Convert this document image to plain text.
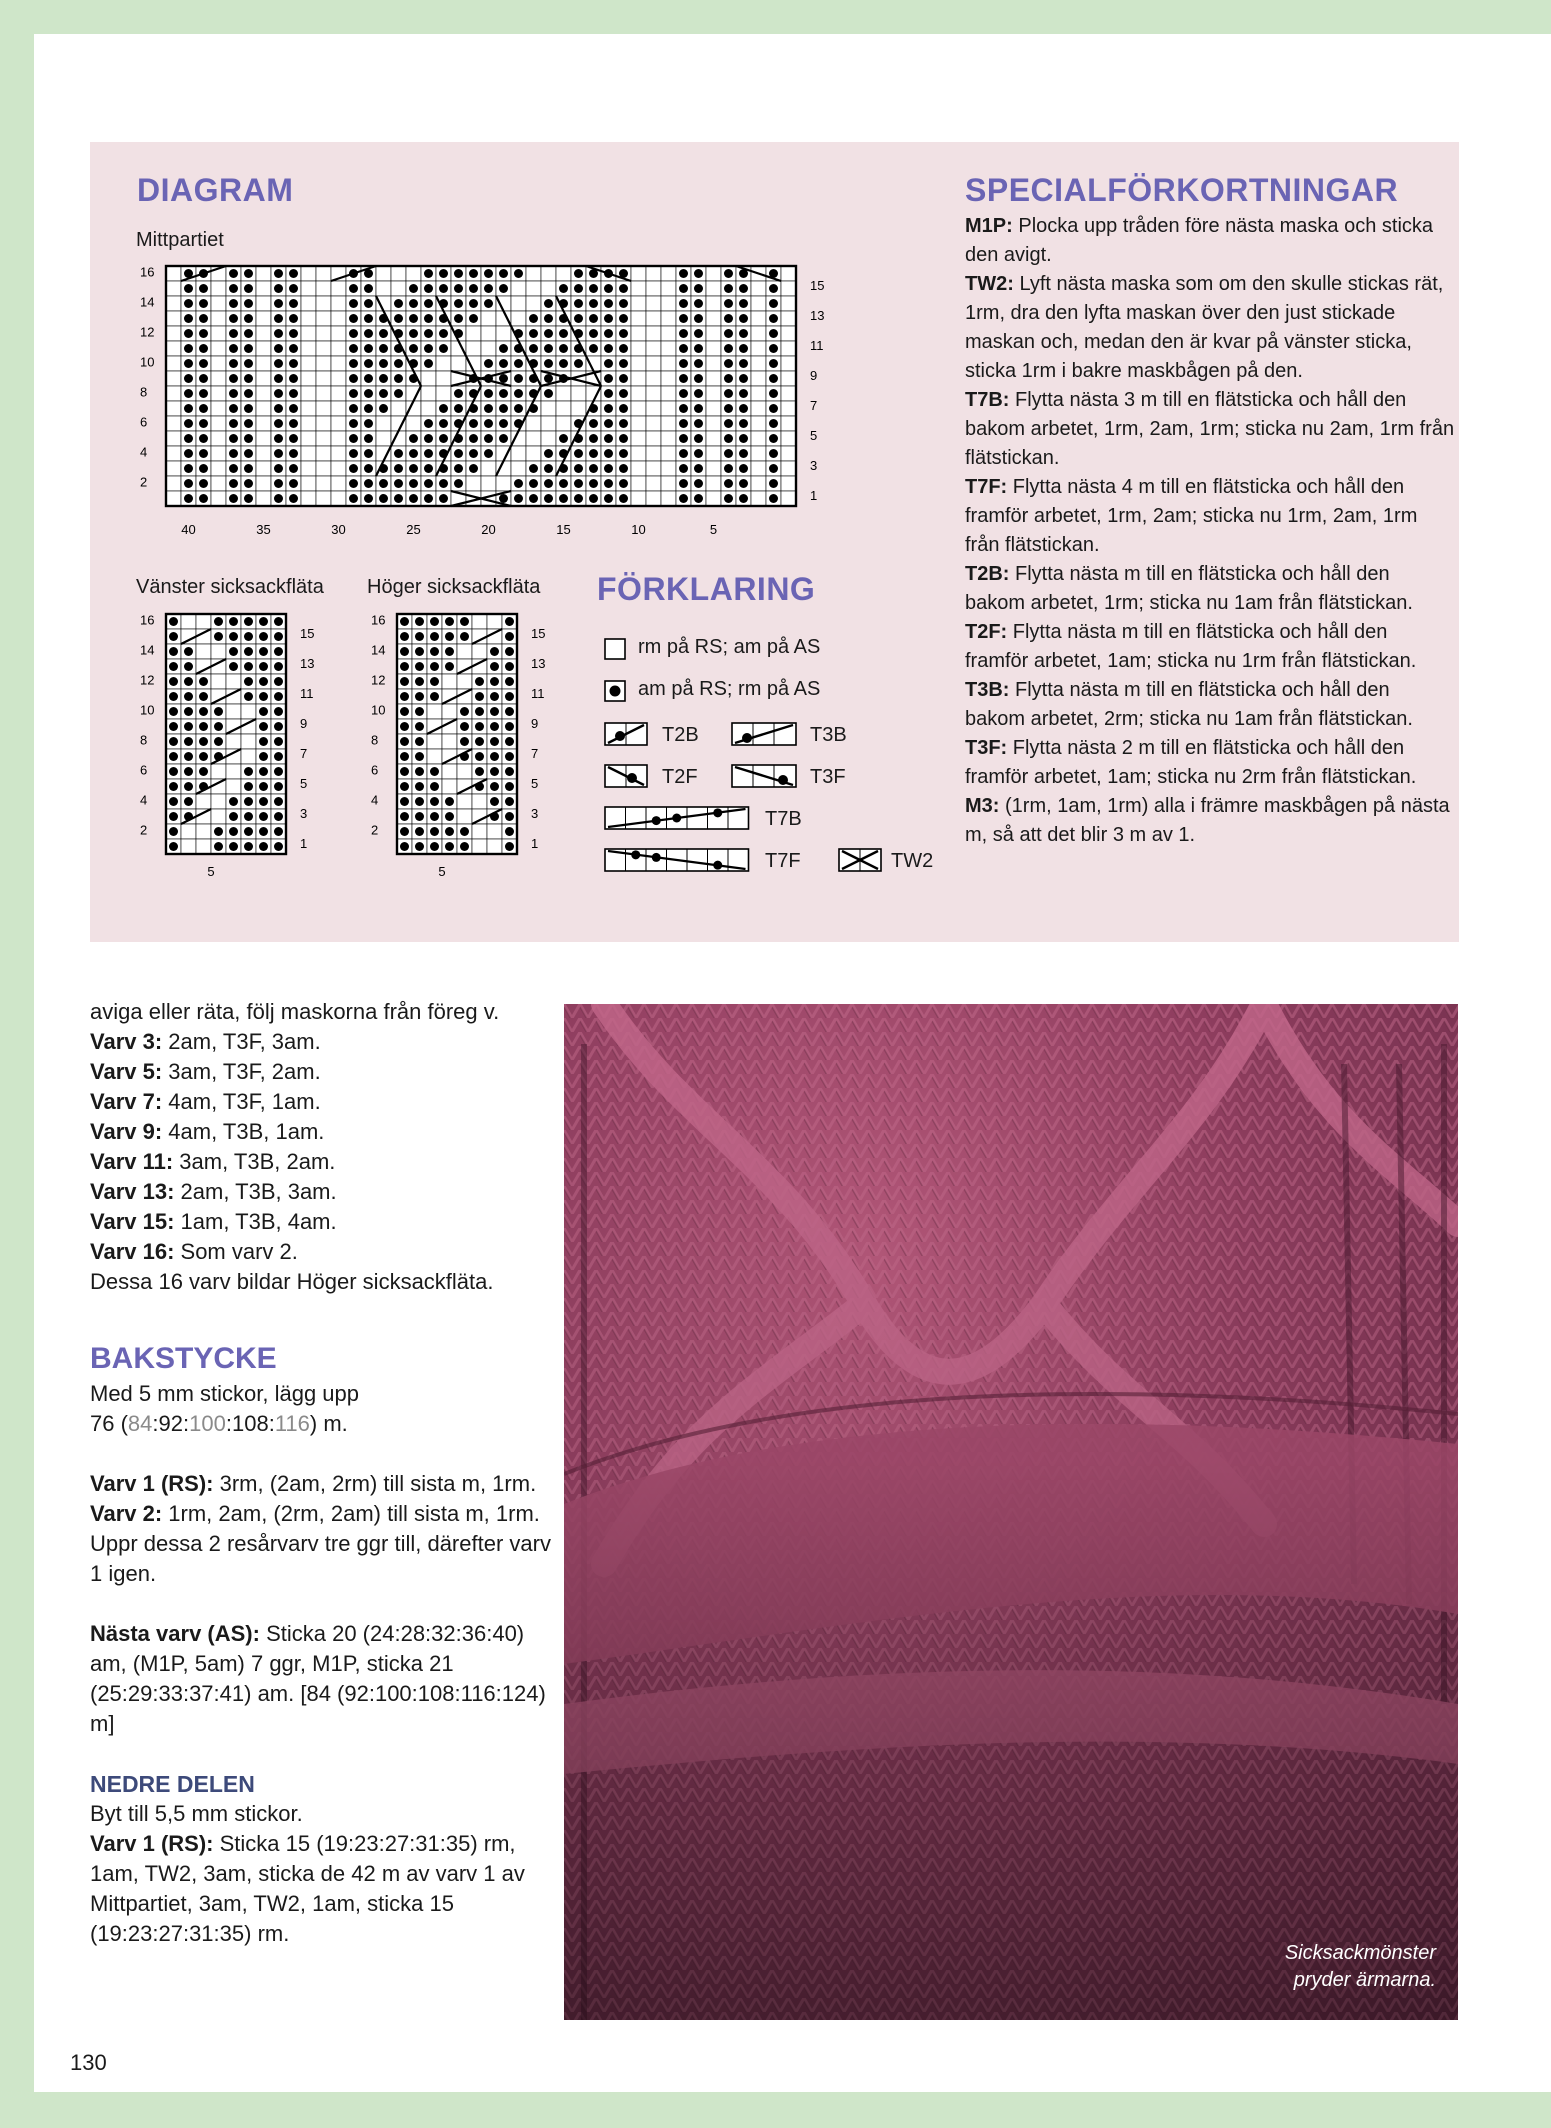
DIAGRAM
Mittpartiet
16
14
12
10
8
6
4
2
15
13
11
9
7
5
3
1
40	35	30	25	20	15	10	5
Vänster sicksackfläta Höger sicksackfläta
16
14
12
10
8
6
4
2
15
13
11
9
7
5
3
1
5
16
14
12
10
8
6
4
2
15
13
11
9
7
5
3
1
5
FÖRKLARING
rm på RS; am på AS
am på RS; rm på AS
T2B	T3B
T2F	T3F
T7B
T7F	TW2
SPECIALFÖRKORTNINGAR

M1P: Plocka upp tråden före nästa maska och sticka den avigt.

TW2: Lyft nästa maska som om den skulle stickas rät, 1rm, dra den lyfta maskan över den just stickade maskan och, medan den är kvar på vänster sticka, sticka 1rm i bakre maskbågen på den.

T7B: Flytta nästa 3 m till en flätsticka och håll den bakom arbetet, 1rm, 2am, 1rm; sticka nu 2am, 1rm från flätstickan.

T7F: Flytta nästa 4 m till en flätsticka och håll den framför arbetet, 1rm, 2am; sticka nu 1rm, 2am, 1rm från flätstickan.

T2B: Flytta nästa m till en flätsticka och håll den bakom arbetet, 1rm; sticka nu 1am från flätstickan.

T2F: Flytta nästa m till en flätsticka och håll den framför arbetet, 1am; sticka nu 1rm från flätstickan.

T3B: Flytta nästa m till en flätsticka och håll den bakom arbetet, 2rm; sticka nu 1am från flätstickan.

T3F: Flytta nästa 2 m till en flätsticka och håll den framför arbetet, 1am; sticka nu 2rm från flätstickan.

M3: (1rm, 1am, 1rm) alla i främre maskbågen på nästa m, så att det blir 3 m av 1.

aviga eller räta, följ maskorna från föreg v.

Varv 3: 2am, T3F, 3am.

Varv 5: 3am, T3F, 2am.

Varv 7: 4am, T3F, 1am.

Varv 9: 4am, T3B, 1am.

Varv 11: 3am, T3B, 2am.

Varv 13: 2am, T3B, 3am.

Varv 15: 1am, T3B, 4am.

Varv 16: Som varv 2.

Dessa 16 varv bildar Höger sicksackfläta.

BAKSTYCKE

Med 5 mm stickor, lägg upp

76 (84:92:100:108:116) m.

Varv 1 (RS): 3rm, (2am, 2rm) till sista m, 1rm.

Varv 2: 1rm, 2am, (2rm, 2am) till sista m, 1rm.

Uppr dessa 2 resårvarv tre ggr till, därefter varv 1 igen.

Nästa varv (AS): Sticka 20 (24:28:32:36:40) am, (M1P, 5am) 7 ggr, M1P, sticka 21 (25:29:33:37:41) am. [84 (92:100:108:116:124) m]

NEDRE DELEN

Byt till 5,5 mm stickor.

Varv 1 (RS): Sticka 15 (19:23:27:31:35) rm, 1am, TW2, 3am, sticka de 42 m av varv 1 av Mittpartiet, 3am, TW2, 1am, sticka 15 (19:23:27:31:35) rm.

Sicksackmönster
pryder ärmarna.
130
